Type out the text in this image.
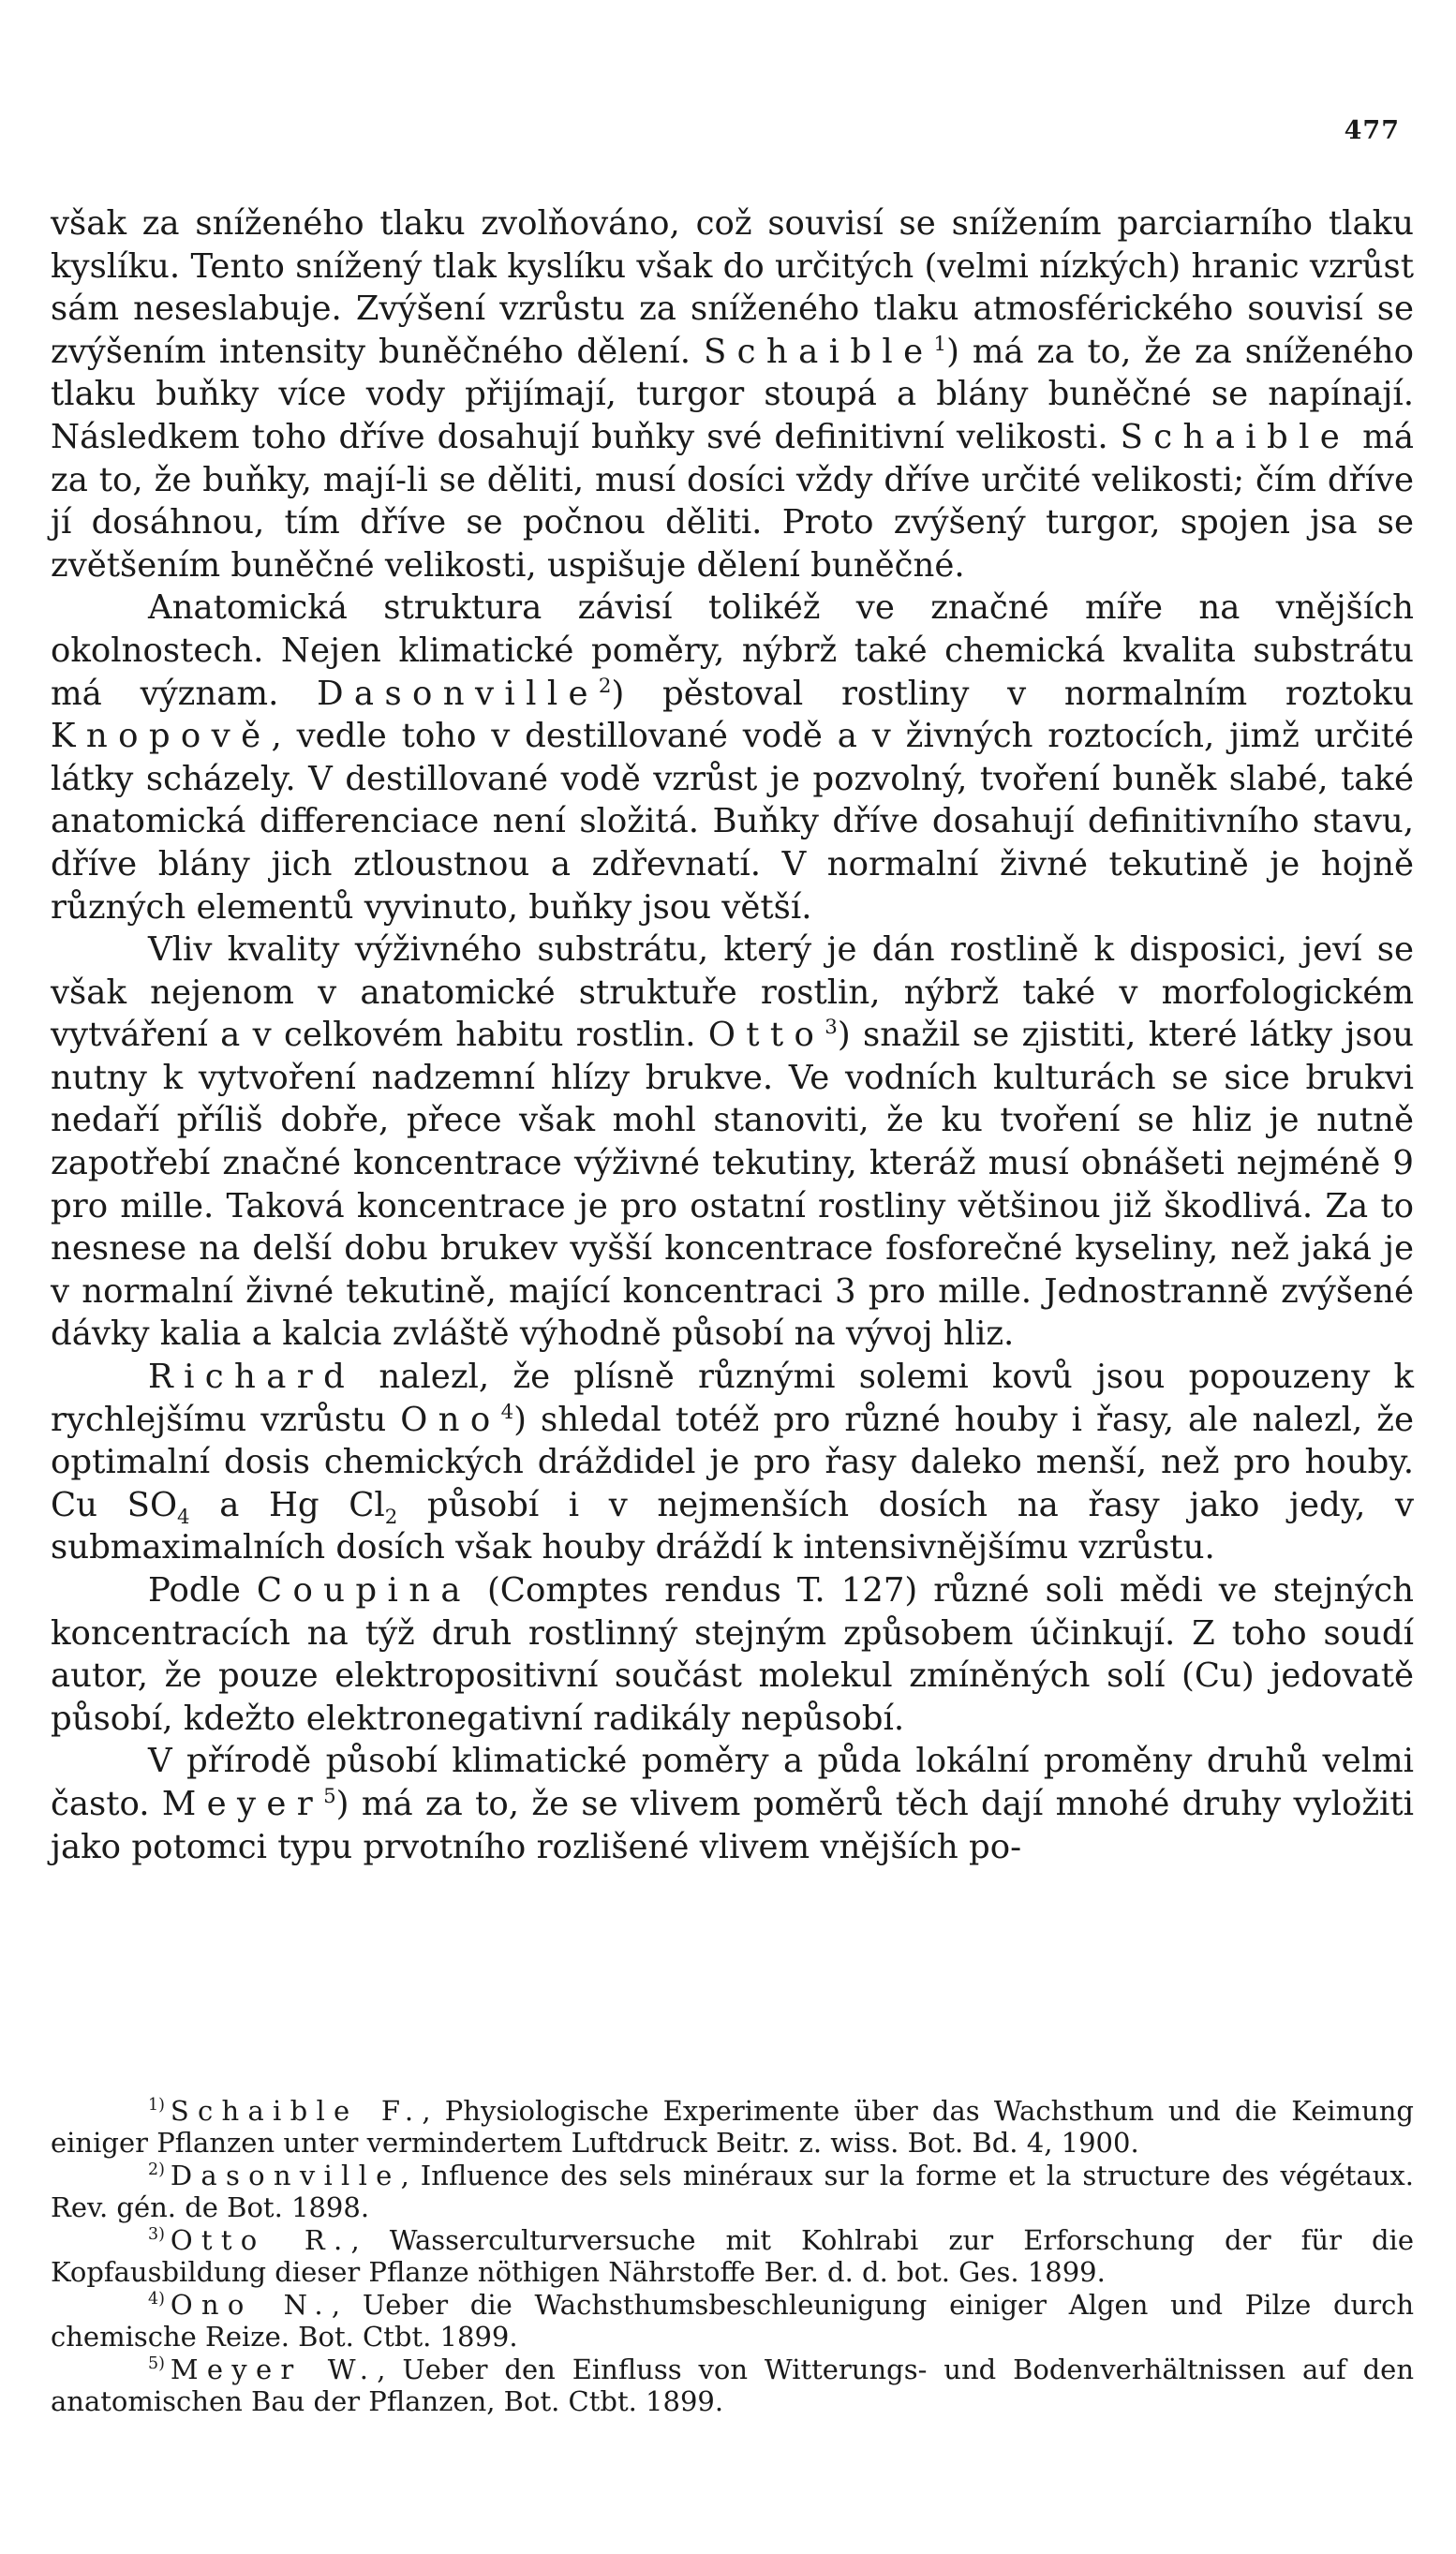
477

však za sníženého tlaku zvolňováno, což souvisí se snížením parciarního tlaku kyslíku. Tento snížený tlak kyslíku však do určitých (velmi nízkých) hranic vzrůst sám neseslabuje. Zvýšení vzrůstu za sníženého tlaku atmosférického souvisí se zvýšením intensity buněčného dělení. Schaible$^1$) má za to, že za sníženého tlaku buňky více vody přijímají, turgor stoupá a blány buněčné se napínají. Následkem toho dříve dosahují buňky své definitivní velikosti. Schaible má za to, že buňky, mají-li se děliti, musí dosíci vždy dříve určité velikosti; čím dříve jí dosáhnou, tím dříve se počnou děliti. Proto zvýšený turgor, spojen jsa se zvětšením buněčné velikosti, uspišuje dělení buněčné.

Anatomická struktura závisí tolikéž ve značné míře na vnějších okolnostech. Nejen klimatické poměry, nýbrž také chemická kvalita substrátu má význam. Dasonville$^2$) pěstoval rostliny v normalním roztoku Knopově, vedle toho v destillované vodě a v živných roztocích, jimž určité látky scházely. V destillované vodě vzrůst je pozvolný, tvoření buněk slabé, také anatomická differenciace není složitá. Buňky dříve dosahují definitivního stavu, dříve blány jich ztloustnou a zdřevnatí. V normalní živné tekutině je hojně různých elementů vyvinuto, buňky jsou větší.

Vliv kvality výživného substrátu, který je dán rostlině k disposici, jeví se však nejenom v anatomické struktuře rostlin, nýbrž také v morfologickém vytváření a v celkovém habitu rostlin. Otto$^3$) snažil se zjistiti, které látky jsou nutny k vytvoření nadzemní hlízy brukve. Ve vodních kulturách se sice brukvi nedaří příliš dobře, přece však mohl stanoviti, že ku tvoření se hliz je nutně zapotřebí značné koncentrace výživné tekutiny, kteráž musí obnášeti nejméně 9 pro mille. Taková koncentrace je pro ostatní rostliny většinou již škodlivá. Za to nesnese na delší dobu brukev vyšší koncentrace fosforečné kyseliny, než jaká je v normalní živné tekutině, mající koncentraci 3 pro mille. Jednostranně zvýšené dávky kalia a kalcia zvláště výhodně působí na vývoj hliz.

Richard nalezl, že plísně různými solemi kovů jsou popouzeny k rychlejšímu vzrůstu Ono$^4$) shledal totéž pro různé houby i řasy, ale nalezl, že optimalní dosis chemických dráždidel je pro řasy daleko menší, než pro houby. Cu $SO_4$ a Hg $Cl_2$ působí i v nejmenších dosích na řasy jako jedy, v submaximalních dosích však houby dráždí k intensivnějšímu vzrůstu.

Podle Coupina (Comptes rendus T. 127) různé soli mědi ve stejných koncentracích na týž druh rostlinný stejným způsobem účinkují. Z toho soudí autor, že pouze elektropositivní součást molekul zmíněných solí (Cu) jedovatě působí, kdežto elektronegativní radikály nepůsobí.

V přírodě působí klimatické poměry a půda lokální proměny druhů velmi často. Meyer$^5$) má za to, že se vlivem poměrů těch dají mnohé druhy vyložiti jako potomci typu prvotního rozlišené vlivem vnějších po-

$^{1)}$ Schaible F., Physiologische Experimente über das Wachsthum und die Keimung einiger Pflanzen unter vermindertem Luftdruck Beitr. z. wiss. Bot. Bd. 4, 1900.

$^{2)}$ Dasonville, Influence des sels minéraux sur la forme et la structure des végétaux. Rev. gén. de Bot. 1898.

$^{3)}$ Otto R., Wasserculturversuche mit Kohlrabi zur Erforschung der für die Kopfausbildung dieser Pflanze nöthigen Nährstoffe Ber. d. d. bot. Ges. 1899.

$^{4)}$ Ono N., Ueber die Wachsthumsbeschleunigung einiger Algen und Pilze durch chemische Reize. Bot. Ctbt. 1899.

$^{5)}$ Meyer W., Ueber den Einfluss von Witterungs- und Bodenverhältnissen auf den anatomischen Bau der Pflanzen, Bot. Ctbt. 1899.
